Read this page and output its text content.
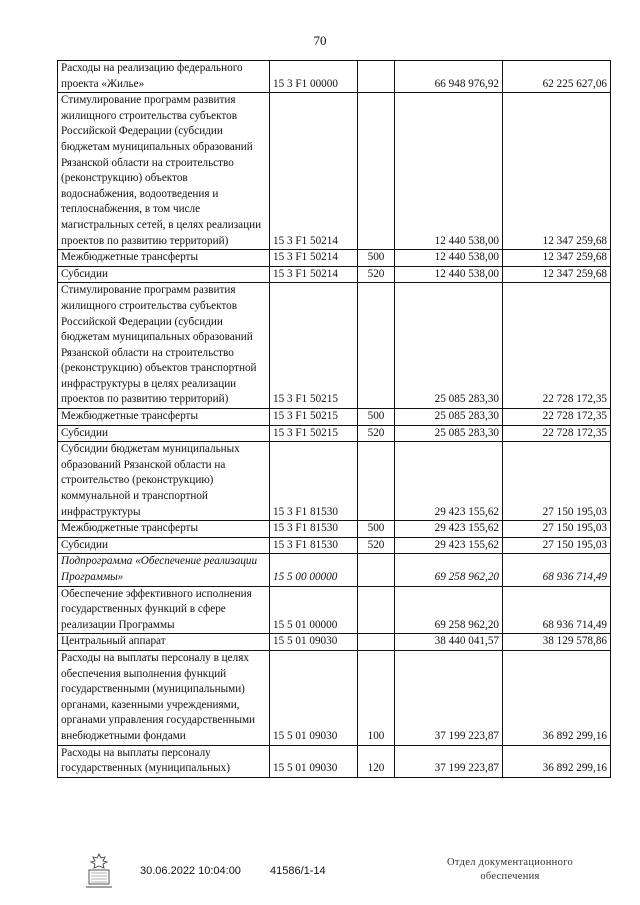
70
Расходы на реализацию федерального проекта «Жилье»	15 3 F1 00000		66 948 976,92	62 225 627,06
Стимулирование программ развития жилищного строительства субъектов Российской Федерации (субсидии бюджетам муниципальных образований Рязанской области на строительство (реконструкцию) объектов водоснабжения, водоотведения и теплоснабжения, в том числе магистральных сетей, в целях реализации проектов по развитию территорий)	15 3 F1 50214		12 440 538,00	12 347 259,68
Межбюджетные трансферты	15 3 F1 50214	500	12 440 538,00	12 347 259,68
Субсидии	15 3 F1 50214	520	12 440 538,00	12 347 259,68
Стимулирование программ развития жилищного строительства субъектов Российской Федерации (субсидии бюджетам муниципальных образований Рязанской области на строительство (реконструкцию) объектов транспортной инфраструктуры в целях реализации проектов по развитию территорий)	15 3 F1 50215		25 085 283,30	22 728 172,35
Межбюджетные трансферты	15 3 F1 50215	500	25 085 283,30	22 728 172,35
Субсидии	15 3 F1 50215	520	25 085 283,30	22 728 172,35
Субсидии бюджетам муниципальных образований Рязанской области на строительство (реконструкцию) коммунальной и транспортной инфраструктуры	15 3 F1 81530		29 423 155,62	27 150 195,03
Межбюджетные трансферты	15 3 F1 81530	500	29 423 155,62	27 150 195,03
Субсидии	15 3 F1 81530	520	29 423 155,62	27 150 195,03
Подпрограмма «Обеспечение реализации Программы»	15 5 00 00000		69 258 962,20	68 936 714,49
Обеспечение эффективного исполнения государственных функций в сфере реализации Программы	15 5 01 00000		69 258 962,20	68 936 714,49
Центральный аппарат	15 5 01 09030		38 440 041,57	38 129 578,86
Расходы на выплаты персоналу в целях обеспечения выполнения функций государственными (муниципальными) органами, казенными учреждениями, органами управления государственными внебюджетными фондами	15 5 01 09030	100	37 199 223,87	36 892 299,16
Расходы на выплаты персоналу государственных (муниципальных)	15 5 01 09030	120	37 199 223,87	36 892 299,16
30.06.2022 10:04:00	41586/1-14
Отдел документационного
обеспечения
